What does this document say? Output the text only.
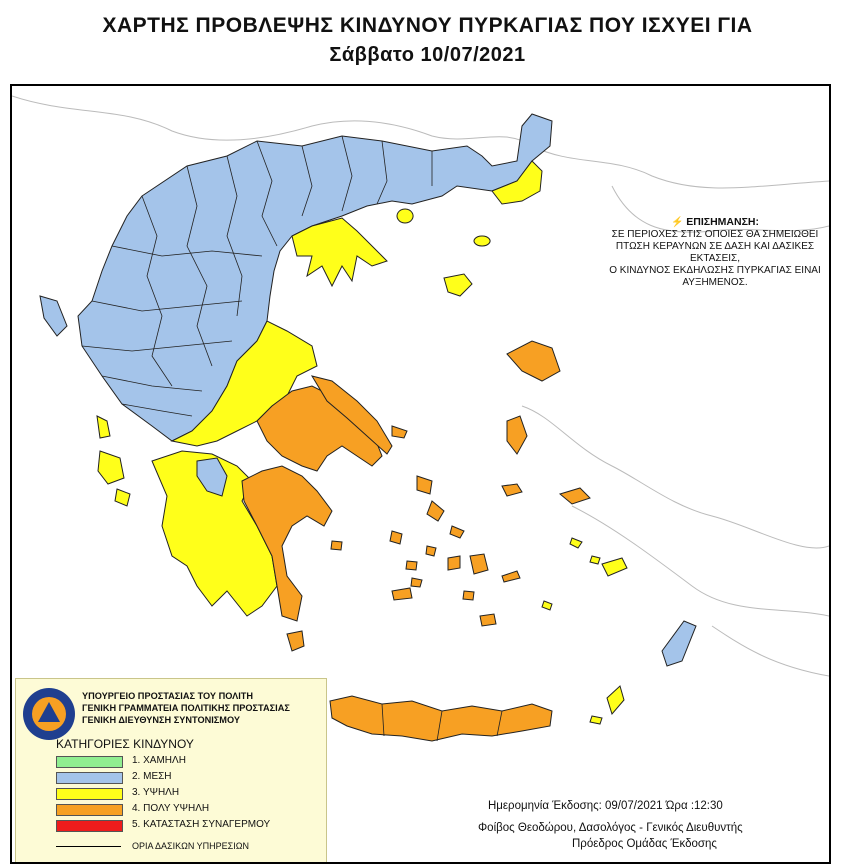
ΧΑΡΤΗΣ ΠΡΟΒΛΕΨΗΣ ΚΙΝΔΥΝΟΥ ΠΥΡΚΑΓΙΑΣ ΠΟΥ ΙΣΧΥΕΙ ΓΙΑ
Σάββατο 10/07/2021
⚡ ΕΠΙΣΗΜΑΝΣΗ:
ΣΕ ΠΕΡΙΟΧΕΣ ΣΤΙΣ ΟΠΟΙΕΣ ΘΑ ΣΗΜΕΙΩΘΕΙ
ΠΤΩΣΗ ΚΕΡΑΥΝΩΝ ΣΕ ΔΑΣΗ ΚΑΙ ΔΑΣΙΚΕΣ ΕΚΤΑΣΕΙΣ,
Ο ΚΙΝΔΥΝΟΣ ΕΚΔΗΛΩΣΗΣ ΠΥΡΚΑΓΙΑΣ ΕΙΝΑΙ ΑΥΞΗΜΕΝΟΣ.
ΥΠΟΥΡΓΕΙΟ ΠΡΟΣΤΑΣΙΑΣ ΤΟΥ ΠΟΛΙΤΗ
ΓΕΝΙΚΗ ΓΡΑΜΜΑΤΕΙΑ ΠΟΛΙΤΙΚΗΣ ΠΡΟΣΤΑΣΙΑΣ
ΓΕΝΙΚΗ ΔΙΕΥΘΥΝΣΗ ΣΥΝΤΟΝΙΣΜΟΥ
ΚΑΤΗΓΟΡΙΕΣ ΚΙΝΔΥΝΟΥ
1. ΧΑΜΗΛΗ
2. ΜΕΣΗ
3. ΥΨΗΛΗ
4. ΠΟΛΥ ΥΨΗΛΗ
5. ΚΑΤΑΣΤΑΣΗ ΣΥΝΑΓΕΡΜΟΥ
ΟΡΙΑ ΔΑΣΙΚΩΝ ΥΠΗΡΕΣΙΩΝ
Ημερομηνία Έκδοσης: 09/07/2021 Ώρα :12:30
Φοίβος Θεοδώρου, Δασολόγος - Γενικός Διευθυντής
Πρόεδρος Ομάδας Έκδοσης
